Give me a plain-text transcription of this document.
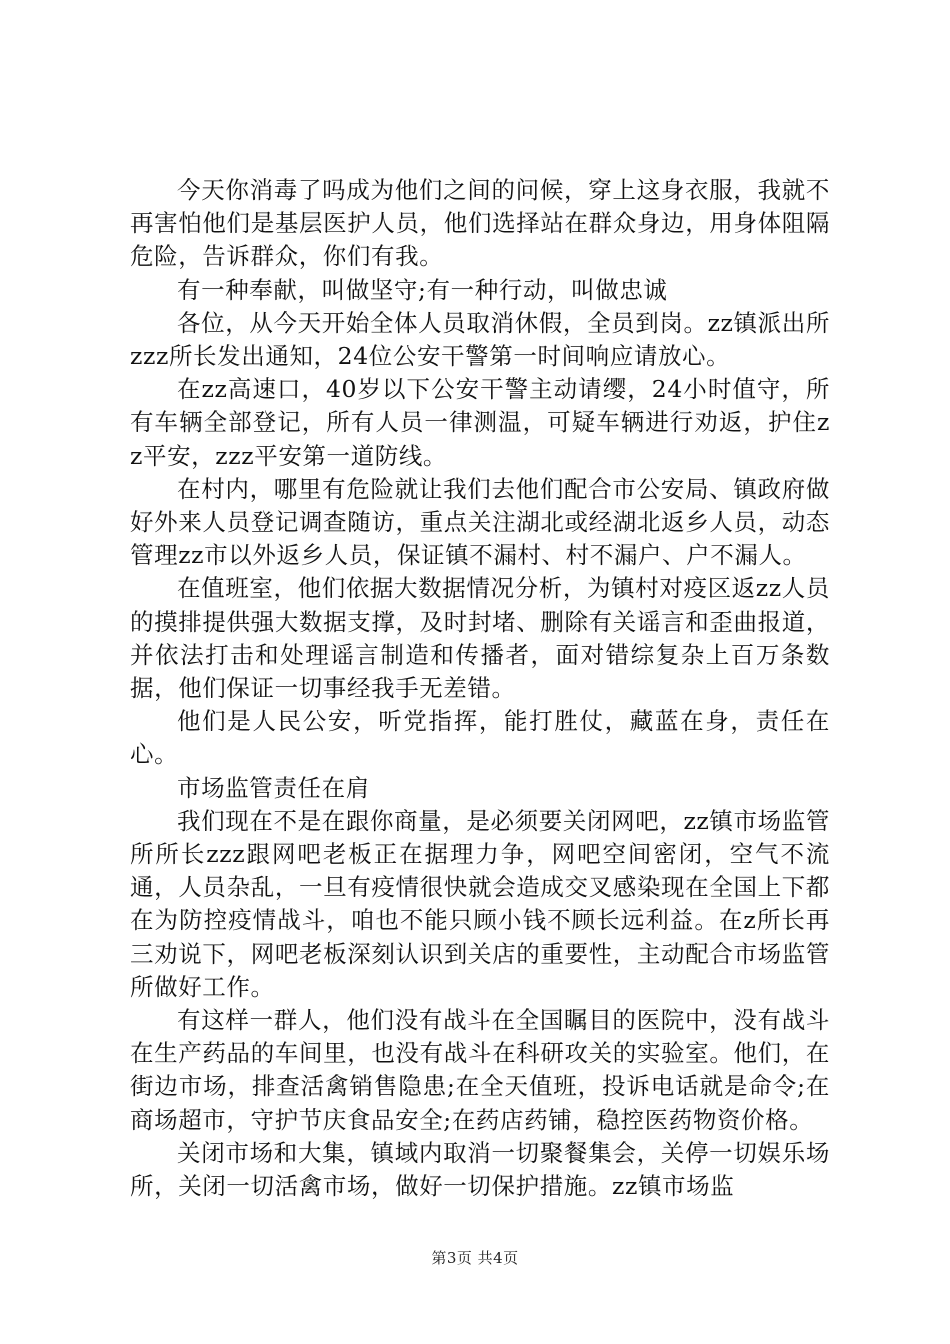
今天你消毒了吗成为他们之间的问候，穿上这身衣服，我就不再害怕他们是基层医护人员，他们选择站在群众身边，用身体阻隔危险，告诉群众，你们有我。

有一种奉献，叫做坚守;有一种行动，叫做忠诚

各位，从今天开始全体人员取消休假，全员到岗。zz镇派出所zzz所长发出通知，24位公安干警第一时间响应请放心。

在zz高速口，40岁以下公安干警主动请缨，24小时值守，所有车辆全部登记，所有人员一律测温，可疑车辆进行劝返，护住zz平安，zzz平安第一道防线。

在村内，哪里有危险就让我们去他们配合市公安局、镇政府做好外来人员登记调查随访，重点关注湖北或经湖北返乡人员，动态管理zz市以外返乡人员，保证镇不漏村、村不漏户、户不漏人。

在值班室，他们依据大数据情况分析，为镇村对疫区返zz人员的摸排提供强大数据支撑，及时封堵、删除有关谣言和歪曲报道，并依法打击和处理谣言制造和传播者，面对错综复杂上百万条数据，他们保证一切事经我手无差错。

他们是人民公安，听党指挥，能打胜仗，藏蓝在身，责任在心。

市场监管责任在肩

我们现在不是在跟你商量，是必须要关闭网吧，zz镇市场监管所所长zzz跟网吧老板正在据理力争，网吧空间密闭，空气不流通，人员杂乱，一旦有疫情很快就会造成交叉感染现在全国上下都在为防控疫情战斗，咱也不能只顾小钱不顾长远利益。在z所长再三劝说下，网吧老板深刻认识到关店的重要性，主动配合市场监管所做好工作。

有这样一群人，他们没有战斗在全国瞩目的医院中，没有战斗在生产药品的车间里，也没有战斗在科研攻关的实验室。他们，在街边市场，排查活禽销售隐患;在全天值班，投诉电话就是命令;在商场超市，守护节庆食品安全;在药店药铺，稳控医药物资价格。

关闭市场和大集，镇域内取消一切聚餐集会，关停一切娱乐场所，关闭一切活禽市场，做好一切保护措施。zz镇市场监

第3页 共4页
